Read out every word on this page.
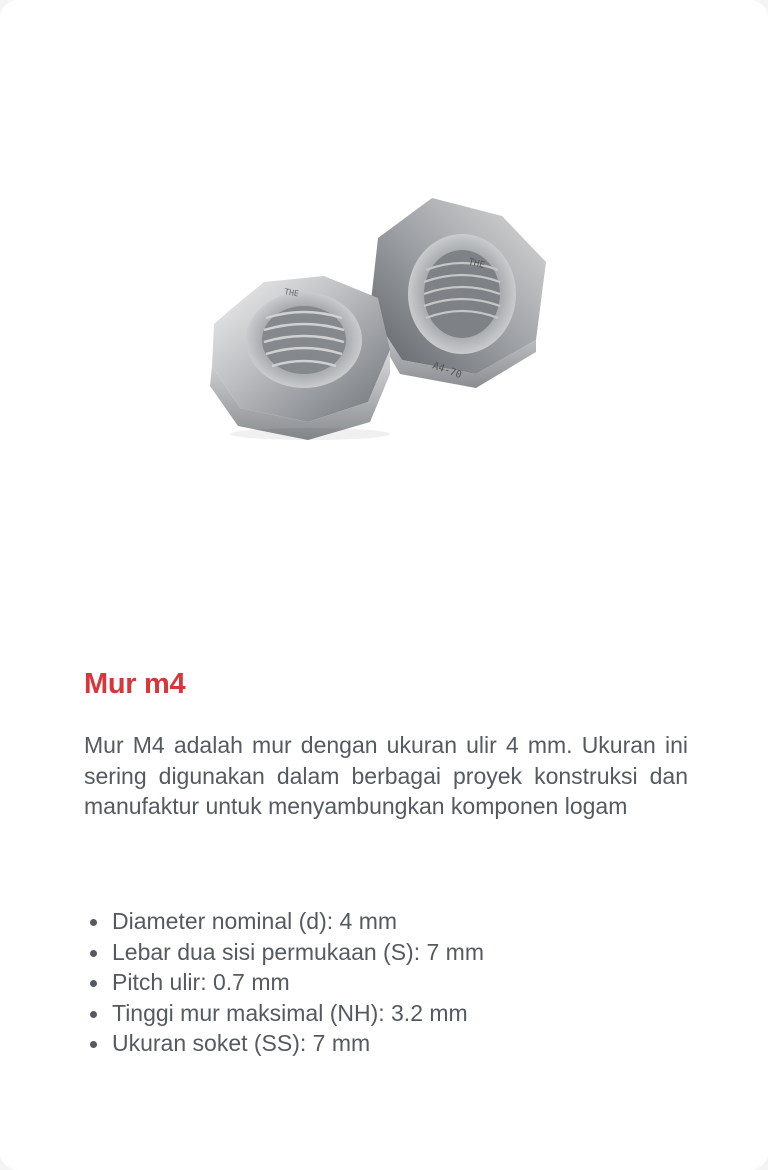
THE
A4-70
THE
Mur m4

Mur M4 adalah mur dengan ukuran ulir 4 mm. Ukuran ini sering digunakan dalam berbagai proyek konstruksi dan manufaktur untuk menyambungkan komponen logam

Diameter nominal (d): 4 mm
Lebar dua sisi permukaan (S): 7 mm
Pitch ulir: 0.7 mm
Tinggi mur maksimal (NH): 3.2 mm
Ukuran soket (SS): 7 mm
